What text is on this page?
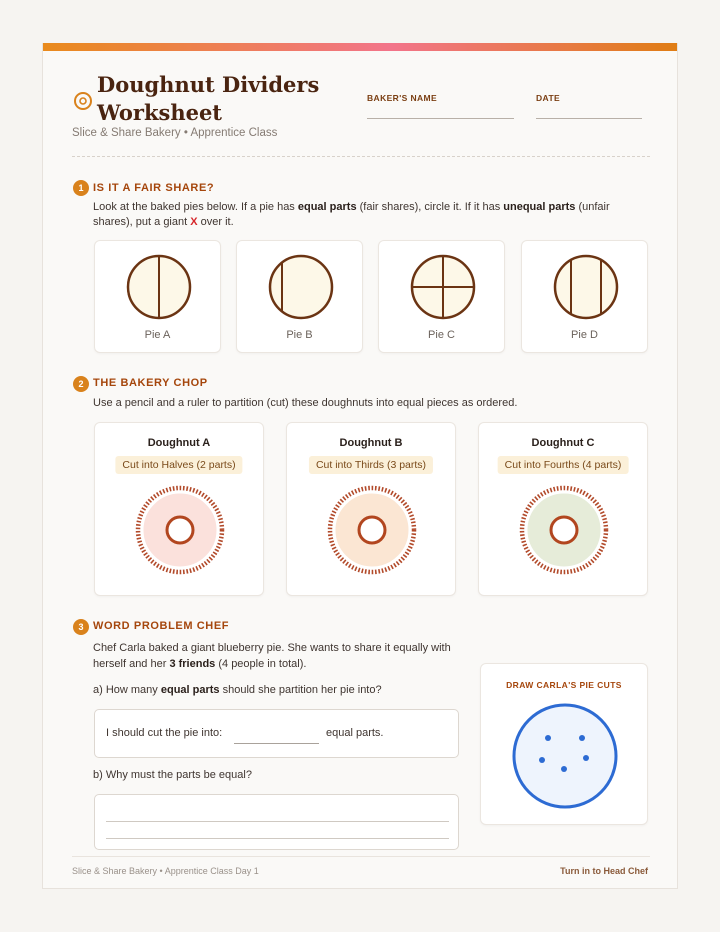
Doughnut Dividers Worksheet
Slice & Share Bakery • Apprentice Class
BAKER'S NAME	DATE
1 IS IT A FAIR SHARE?
Look at the baked pies below. If a pie has equal parts (fair shares), circle it. If it has unequal parts (unfair shares), put a giant X over it.
Pie A	Pie B	Pie C	Pie D
2 THE BAKERY CHOP
Use a pencil and a ruler to partition (cut) these doughnuts into equal pieces as ordered.
Doughnut A
Cut into Halves (2 parts)
Doughnut B
Cut into Thirds (3 parts)
Doughnut C
Cut into Fourths (4 parts)
3 WORD PROBLEM CHEF
Chef Carla baked a giant blueberry pie. She wants to share it equally with herself and her 3 friends (4 people in total).
a) How many equal parts should she partition her pie into?
I should cut the pie into:	equal parts.
b) Why must the parts be equal?
DRAW CARLA'S PIE CUTS
Slice & Share Bakery • Apprentice Class Day 1	Turn in to Head Chef
